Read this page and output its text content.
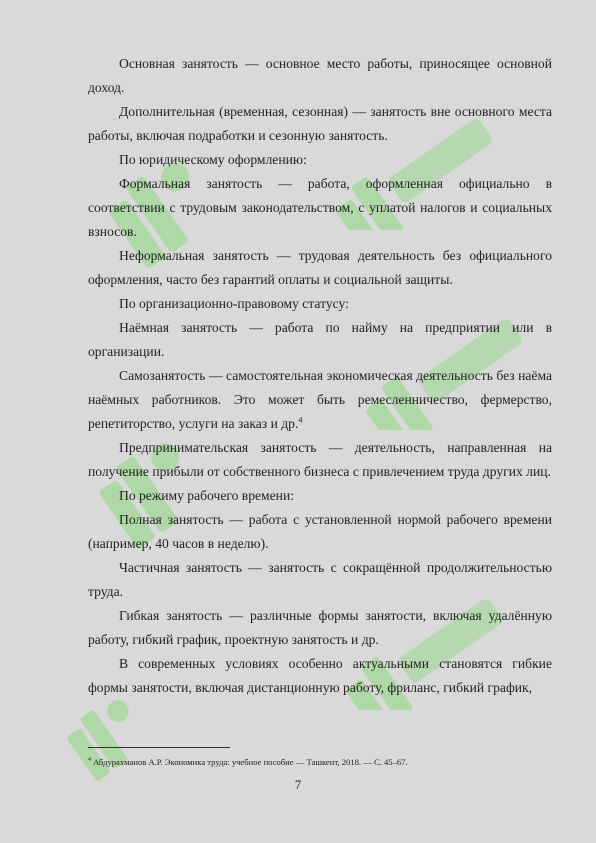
Основная занятость — основное место работы, приносящее основной доход.

Дополнительная (временная, сезонная) — занятость вне основного места работы, включая подработки и сезонную занятость.

По юридическому оформлению:

Формальная занятость — работа, оформленная официально в соответствии с трудовым законодательством, с уплатой налогов и социальных взносов.

Неформальная занятость — трудовая деятельность без официального оформления, часто без гарантий оплаты и социальной защиты.

По организационно-правовому статусу:

Наёмная занятость — работа по найму на предприятии или в организации.

Самозанятость — самостоятельная экономическая деятельность без наёма наёмных работников. Это может быть ремесленничество, фермерство, репетиторство, услуги на заказ и др.$^4$

Предпринимательская занятость — деятельность, направленная на получение прибыли от собственного бизнеса с привлечением труда других лиц.

По режиму рабочего времени:

Полная занятость — работа с установленной нормой рабочего времени (например, 40 часов в неделю).

Частичная занятость — занятость с сокращённой продолжительностью труда.

Гибкая занятость — различные формы занятости, включая удалённую работу, гибкий график, проектную занятость и др.

В современных условиях особенно актуальными становятся гибкие формы занятости, включая дистанционную работу, фриланс, гибкий график,

$^4$ Абдурахманов А.Р. Экономика труда: учебное пособие — Ташкент, 2018. — С. 45–67.
7
